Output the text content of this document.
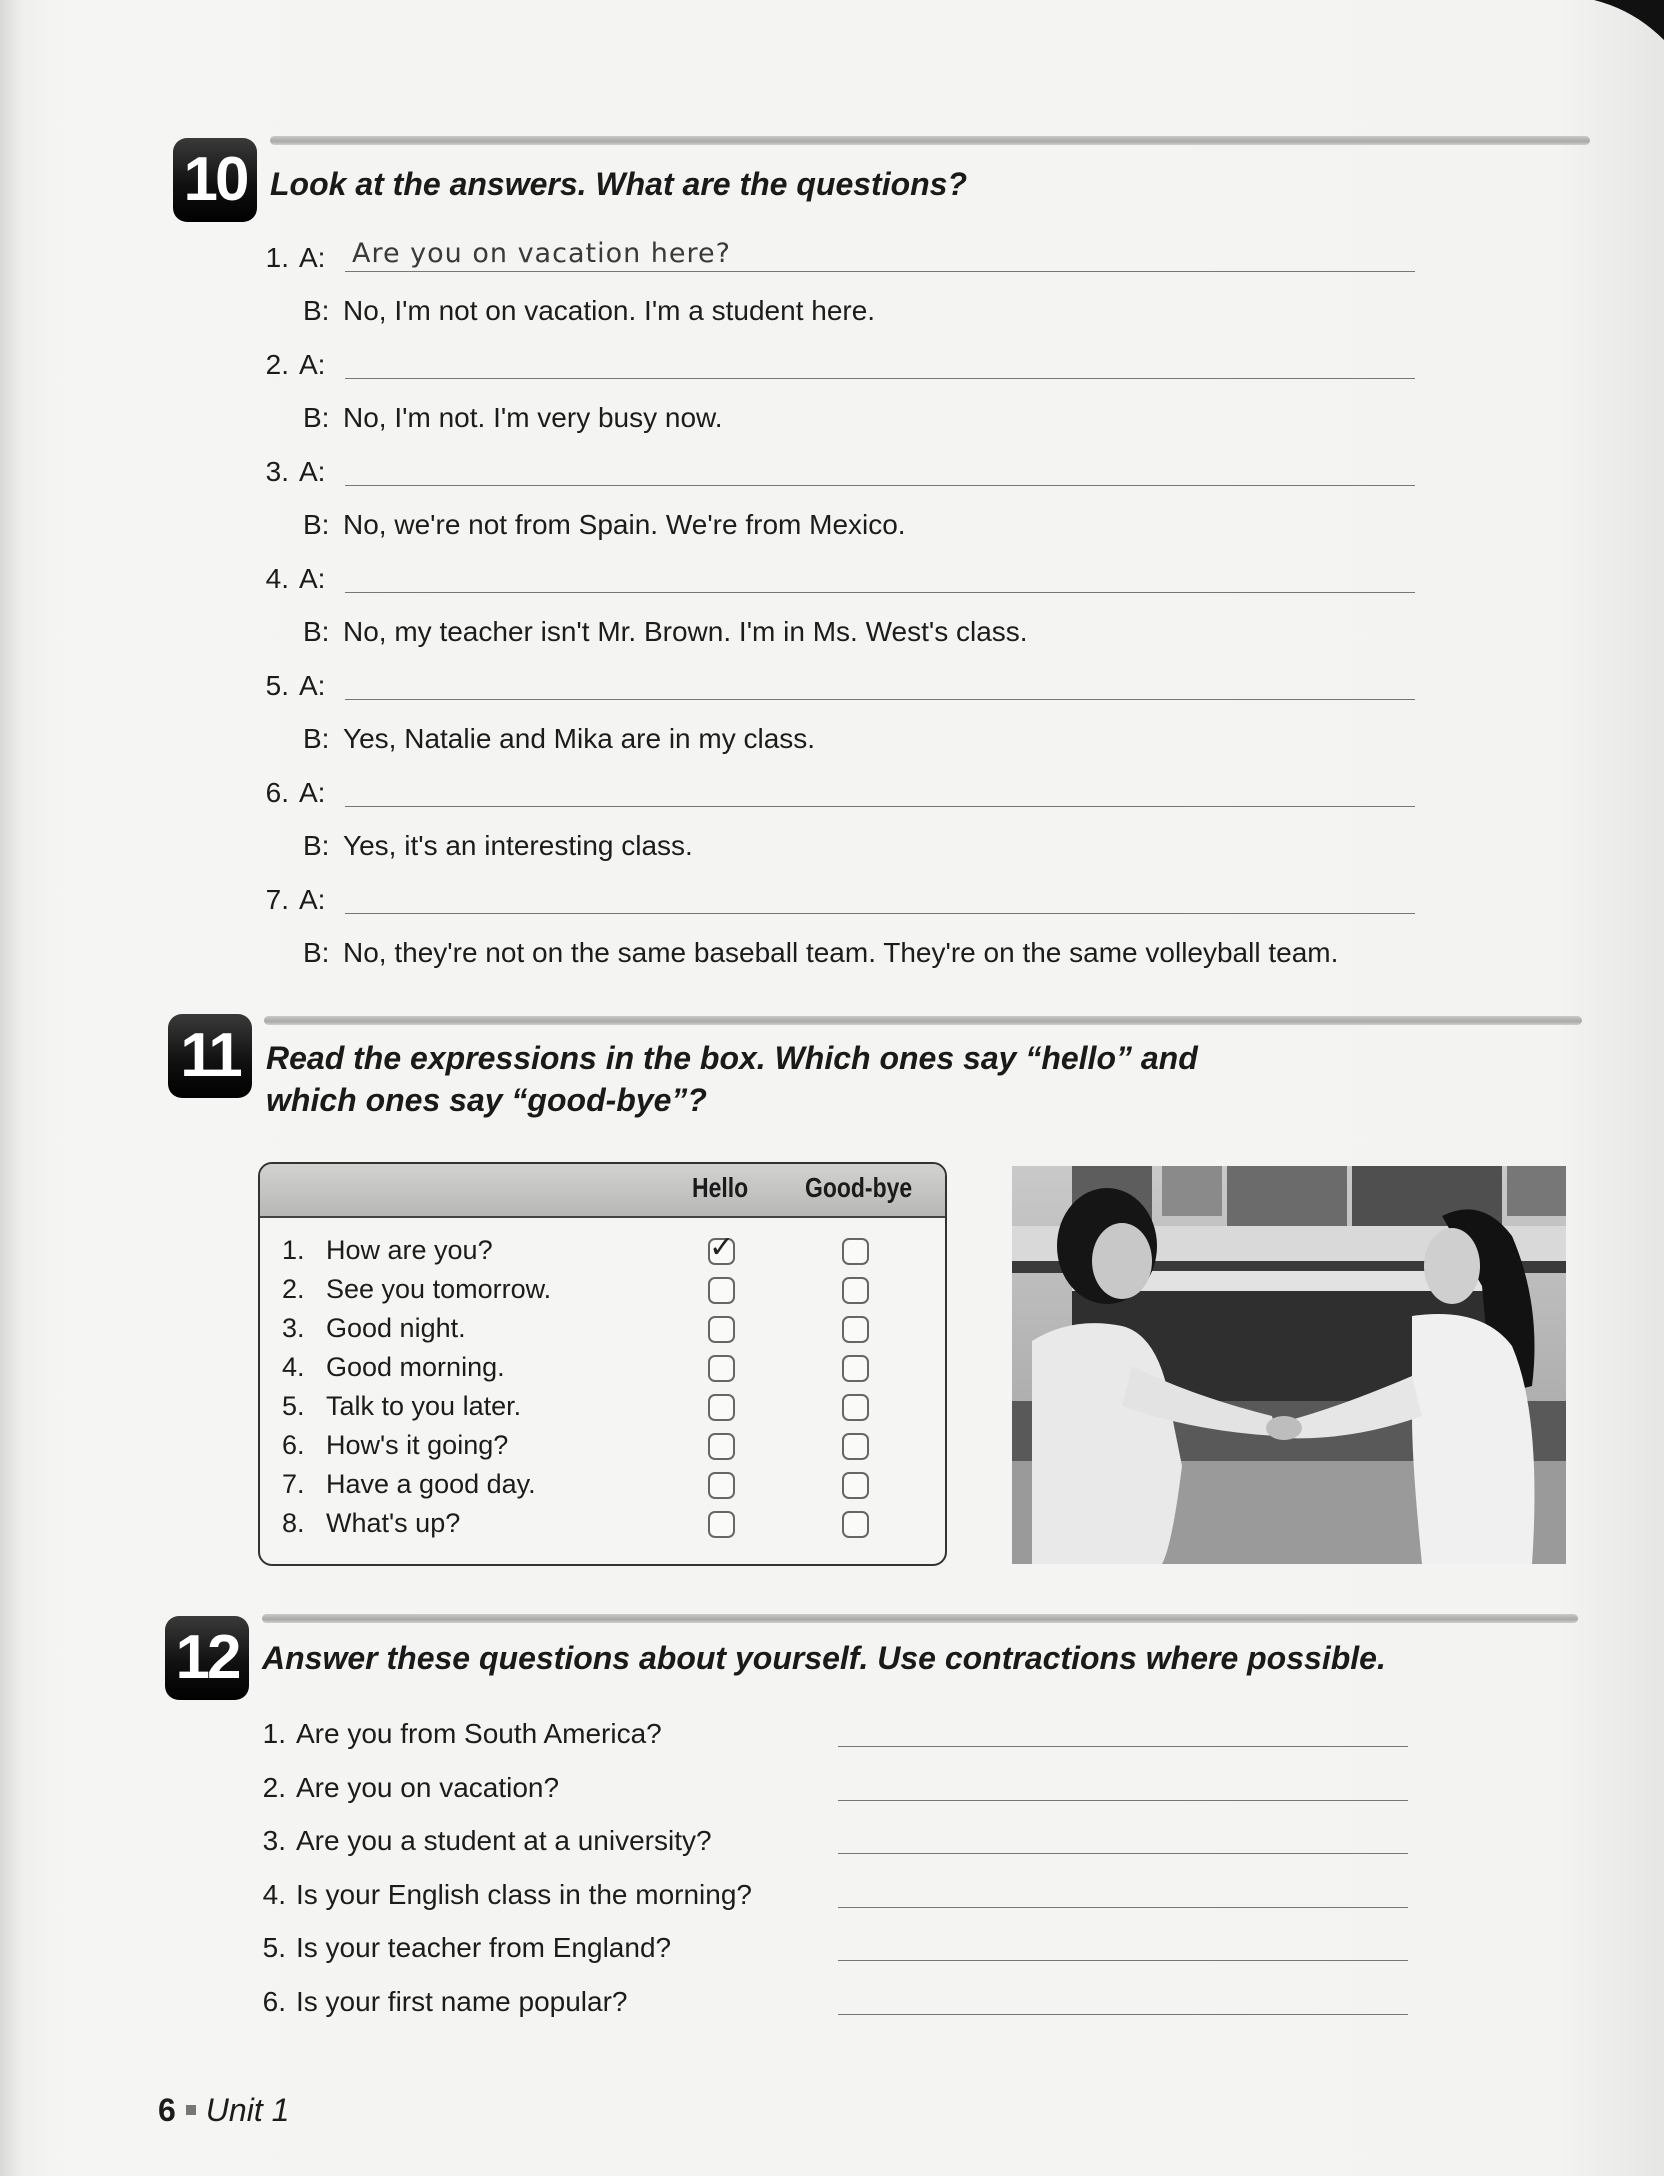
10 Look at the answers. What are the questions?
1. A: Are you on vacation here?
B: No, I'm not on vacation. I'm a student here.
2. A:
B: No, I'm not. I'm very busy now.
3. A:
B: No, we're not from Spain. We're from Mexico.
4. A:
B: No, my teacher isn't Mr. Brown. I'm in Ms. West's class.
5. A:
B: Yes, Natalie and Mika are in my class.
6. A:
B: Yes, it's an interesting class.
7. A:
B: No, they're not on the same baseball team. They're on the same volleyball team.
11 Read the expressions in the box. Which ones say “hello” and
which ones say “good-bye”?
Hello Good-bye
1. How are you?	✓
2. See you tomorrow.
3. Good night.
4. Good morning.
5. Talk to you later.
6. How's it going?
7. Have a good day.
8. What's up?
12 Answer these questions about yourself. Use contractions where possible.
1. Are you from South America?
2. Are you on vacation?
3. Are you a student at a university?
4. Is your English class in the morning?
5. Is your teacher from England?
6. Is your first name popular?
6 Unit 1
